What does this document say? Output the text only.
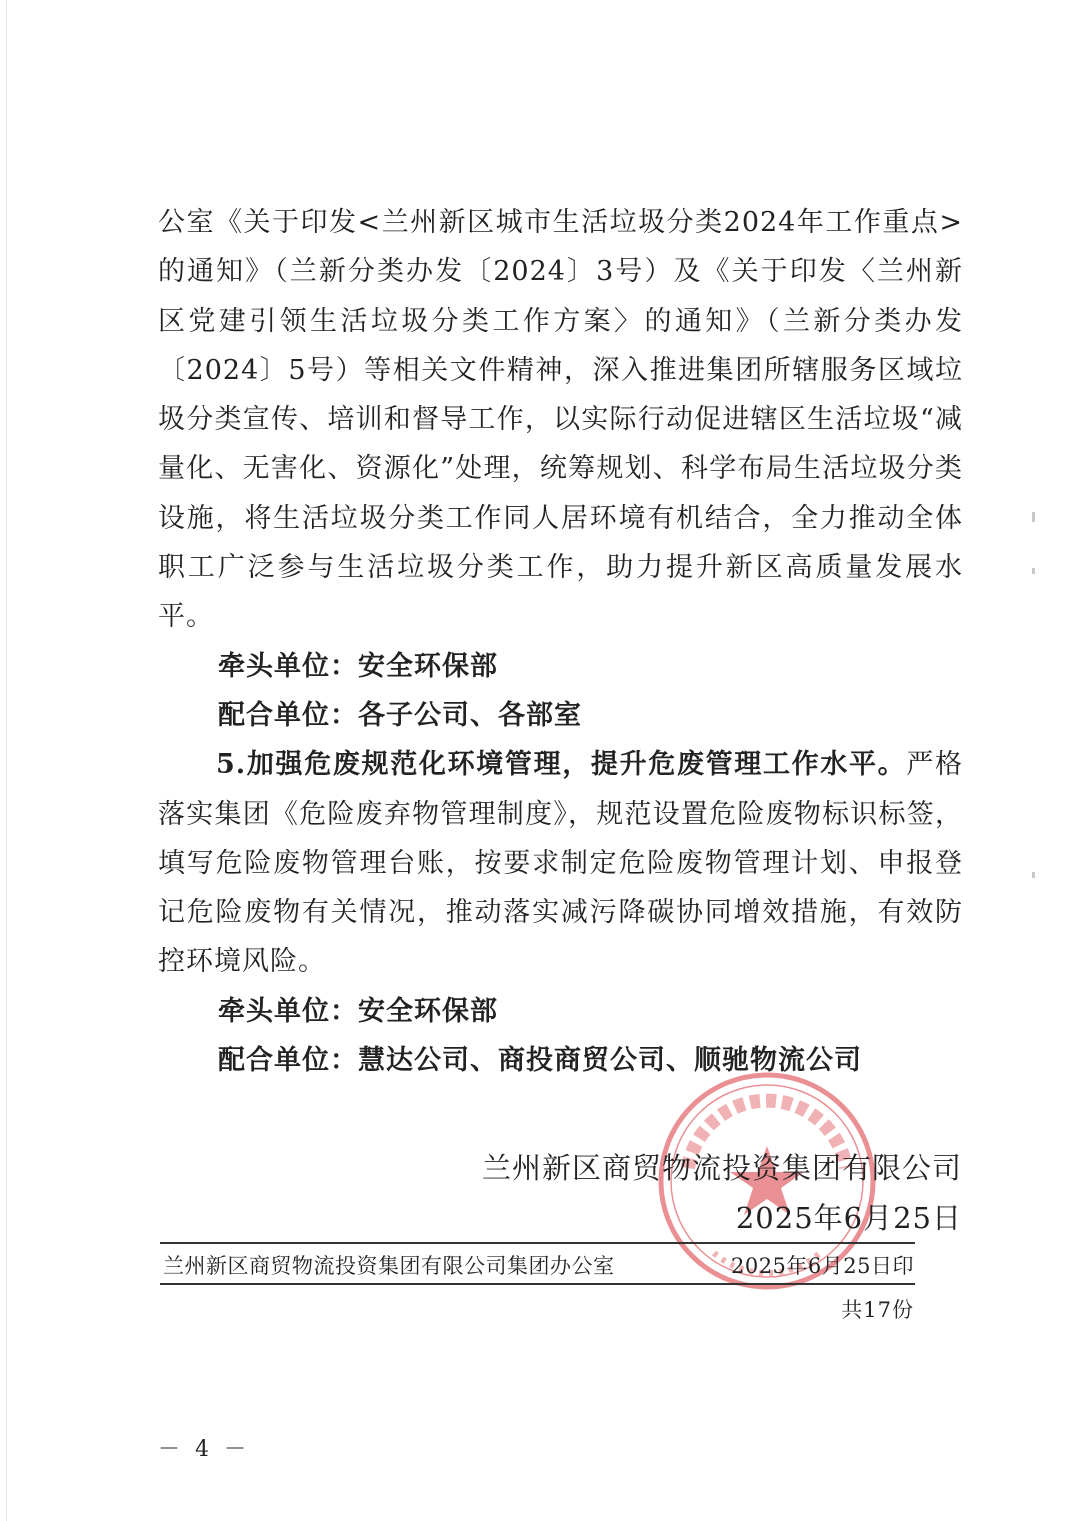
公室《关于印发<兰州新区城市生活垃圾分类2024年工作重点>的通知》（兰新分类办发〔2024〕3号）及《关于印发〈兰州新区党建引领生活垃圾分类工作方案〉的通知》（兰新分类办发〔2024〕5号）等相关文件精神，深入推进集团所辖服务区域垃圾分类宣传、培训和督导工作，以实际行动促进辖区生活垃圾“减量化、无害化、资源化”处理，统筹规划、科学布局生活垃圾分类设施，将生活垃圾分类工作同人居环境有机结合，全力推动全体职工广泛参与生活垃圾分类工作，助力提升新区高质量发展水平。

牵头单位：安全环保部

配合单位：各子公司、各部室

5.加强危废规范化环境管理，提升危废管理工作水平。严格落实集团《危险废弃物管理制度》，规范设置危险废物标识标签，填写危险废物管理台账，按要求制定危险废物管理计划、申报登记危险废物有关情况，推动落实减污降碳协同增效措施，有效防控环境风险。

牵头单位：安全环保部

配合单位：慧达公司、商投商贸公司、顺驰物流公司

兰州新区商贸物流投资集团有限公司
2025年6月25日
兰州新区商贸物流投资集团有限公司集团办公室	2025年6月25日印
共17份
－ 4 －
